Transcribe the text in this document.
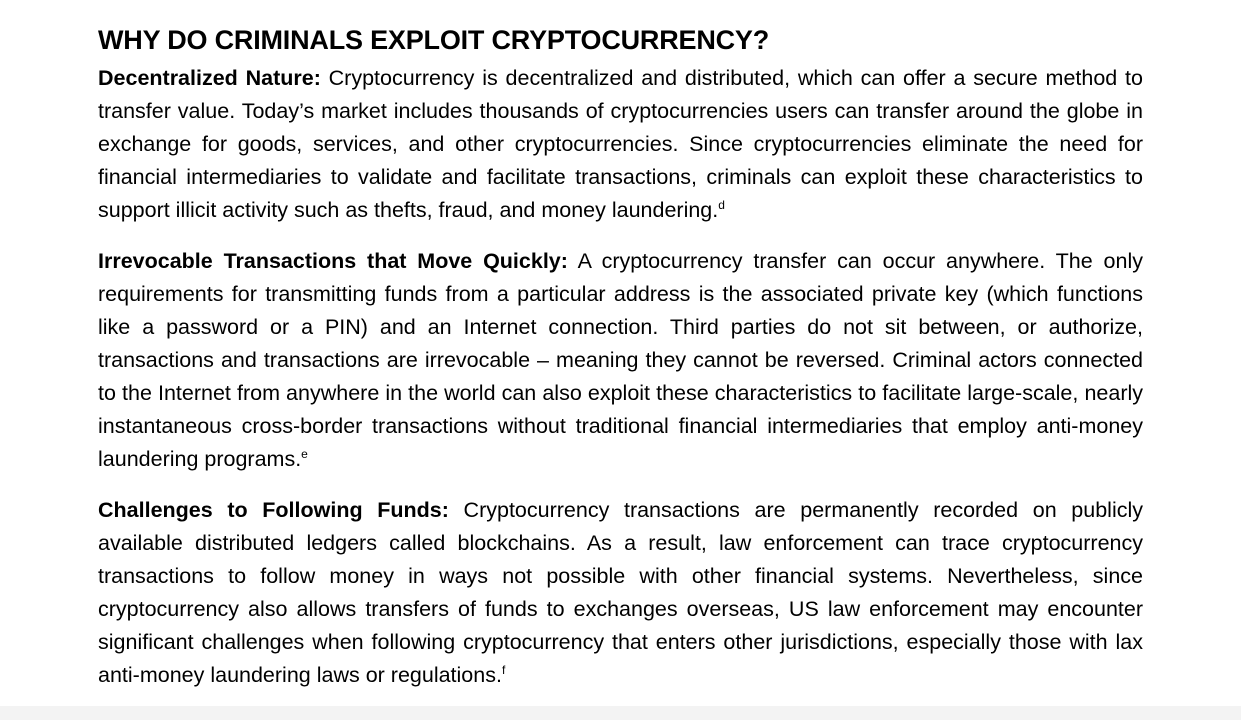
WHY DO CRIMINALS EXPLOIT CRYPTOCURRENCY?

Decentralized Nature: Cryptocurrency is decentralized and distributed, which can offer a secure method to transfer value. Today’s market includes thousands of cryptocurrencies users can transfer around the globe in exchange for goods, services, and other cryptocurrencies. Since cryptocurrencies eliminate the need for financial intermediaries to validate and facilitate transactions, criminals can exploit these characteristics to support illicit activity such as thefts, fraud, and money laundering.$^d$

Irrevocable Transactions that Move Quickly: A cryptocurrency transfer can occur anywhere. The only requirements for transmitting funds from a particular address is the associated private key (which functions like a password or a PIN) and an Internet connection. Third parties do not sit between, or authorize, transactions and transactions are irrevocable – meaning they cannot be reversed. Criminal actors connected to the Internet from anywhere in the world can also exploit these characteristics to facilitate large-scale, nearly instantaneous cross-border transactions without traditional financial intermediaries that employ anti-money laundering programs.$^e$

Challenges to Following Funds: Cryptocurrency transactions are permanently recorded on publicly available distributed ledgers called blockchains. As a result, law enforcement can trace cryptocurrency transactions to follow money in ways not possible with other financial systems. Nevertheless, since cryptocurrency also allows transfers of funds to exchanges overseas, US law enforcement may encounter significant challenges when following cryptocurrency that enters other jurisdictions, especially those with lax anti-money laundering laws or regulations.$^f$
